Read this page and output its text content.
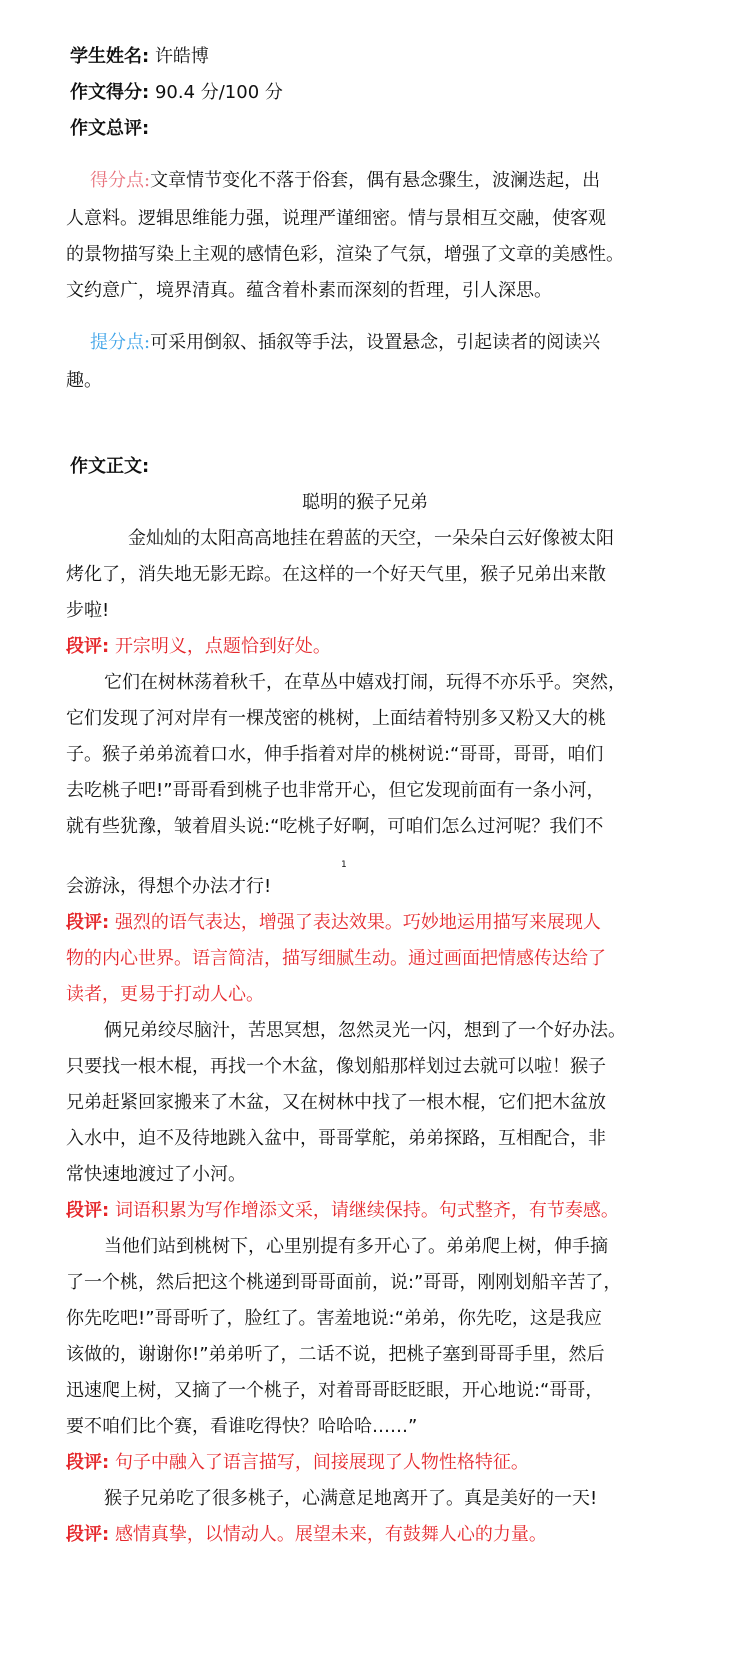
学生姓名: 许皓博
作文得分: 90.4 分/100 分
作文总评:
得分点:文章情节变化不落于俗套，偶有悬念骤生，波澜迭起，出
人意料。逻辑思维能力强，说理严谨细密。情与景相互交融，使客观
的景物描写染上主观的感情色彩，渲染了气氛，增强了文章的美感性。
文约意广，境界清真。蕴含着朴素而深刻的哲理，引人深思。
提分点:可采用倒叙、插叙等手法，设置悬念，引起读者的阅读兴
趣。
作文正文:
聪明的猴子兄弟
金灿灿的太阳高高地挂在碧蓝的天空，一朵朵白云好像被太阳
烤化了，消失地无影无踪。在这样的一个好天气里，猴子兄弟出来散
步啦!
段评: 开宗明义，点题恰到好处。
它们在树林荡着秋千，在草丛中嬉戏打闹，玩得不亦乐乎。突然，
它们发现了河对岸有一棵茂密的桃树，上面结着特别多又粉又大的桃
子。猴子弟弟流着口水，伸手指着对岸的桃树说:“哥哥，哥哥，咱们
去吃桃子吧!”哥哥看到桃子也非常开心，但它发现前面有一条小河，
就有些犹豫，皱着眉头说:“吃桃子好啊，可咱们怎么过河呢？我们不
1
会游泳，得想个办法才行!
段评: 强烈的语气表达，增强了表达效果。巧妙地运用描写来展现人
物的内心世界。语言简洁，描写细腻生动。通过画面把情感传达给了
读者，更易于打动人心。
俩兄弟绞尽脑汁，苦思冥想，忽然灵光一闪，想到了一个好办法。
只要找一根木棍，再找一个木盆，像划船那样划过去就可以啦！猴子
兄弟赶紧回家搬来了木盆，又在树林中找了一根木棍，它们把木盆放
入水中，迫不及待地跳入盆中，哥哥掌舵，弟弟探路，互相配合，非
常快速地渡过了小河。
段评: 词语积累为写作增添文采，请继续保持。句式整齐，有节奏感。
当他们站到桃树下，心里别提有多开心了。弟弟爬上树，伸手摘
了一个桃，然后把这个桃递到哥哥面前，说:”哥哥，刚刚划船辛苦了，
你先吃吧!”哥哥听了，脸红了。害羞地说:“弟弟，你先吃，这是我应
该做的，谢谢你!”弟弟听了，二话不说，把桃子塞到哥哥手里，然后
迅速爬上树，又摘了一个桃子，对着哥哥眨眨眼，开心地说:“哥哥，
要不咱们比个赛，看谁吃得快？哈哈哈……”
段评: 句子中融入了语言描写，间接展现了人物性格特征。
猴子兄弟吃了很多桃子，心满意足地离开了。真是美好的一天!
段评: 感情真挚，以情动人。展望未来，有鼓舞人心的力量。
